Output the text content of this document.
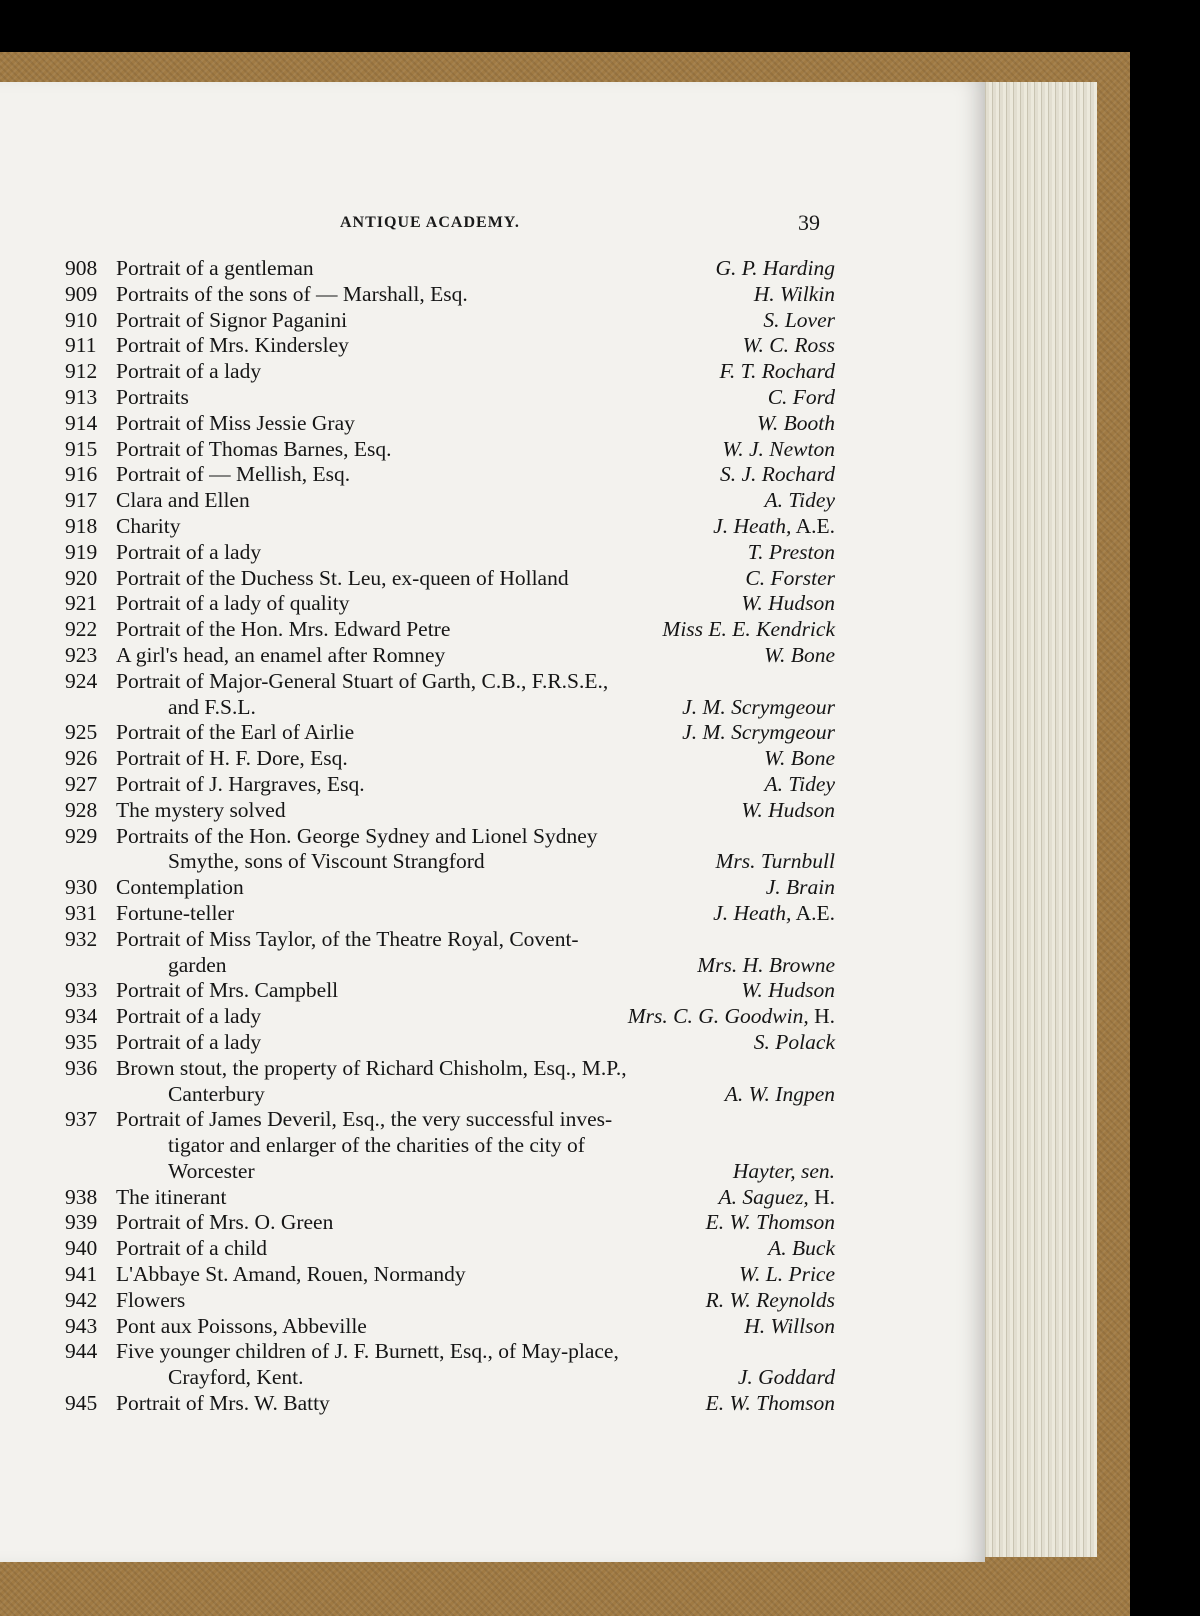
ANTIQUE ACADEMY.	39
908 Portrait of a gentleman	G. P. Harding
909 Portraits of the sons of — Marshall, Esq.	H. Wilkin
910 Portrait of Signor Paganini	S. Lover
911 Portrait of Mrs. Kindersley	W. C. Ross
912 Portrait of a lady	F. T. Rochard
913 Portraits	C. Ford
914 Portrait of Miss Jessie Gray	W. Booth
915 Portrait of Thomas Barnes, Esq.	W. J. Newton
916 Portrait of — Mellish, Esq.	S. J. Rochard
917 Clara and Ellen	A. Tidey
918 Charity	J. Heath, A.E.
919 Portrait of a lady	T. Preston
920 Portrait of the Duchess St. Leu, ex-queen of Holland	C. Forster
921 Portrait of a lady of quality	W. Hudson
922 Portrait of the Hon. Mrs. Edward Petre	Miss E. E. Kendrick
923 A girl's head, an enamel after Romney	W. Bone
924 Portrait of Major-General Stuart of Garth, C.B., F.R.S.E.,
and F.S.L.	J. M. Scrymgeour
925 Portrait of the Earl of Airlie	J. M. Scrymgeour
926 Portrait of H. F. Dore, Esq.	W. Bone
927 Portrait of J. Hargraves, Esq.	A. Tidey
928 The mystery solved	W. Hudson
929 Portraits of the Hon. George Sydney and Lionel Sydney
Smythe, sons of Viscount Strangford	Mrs. Turnbull
930 Contemplation	J. Brain
931 Fortune-teller	J. Heath, A.E.
932 Portrait of Miss Taylor, of the Theatre Royal, Covent-
garden	Mrs. H. Browne
933 Portrait of Mrs. Campbell	W. Hudson
934 Portrait of a lady	Mrs. C. G. Goodwin, H.
935 Portrait of a lady	S. Polack
936 Brown stout, the property of Richard Chisholm, Esq., M.P.,
Canterbury	A. W. Ingpen
937 Portrait of James Deveril, Esq., the very successful inves-
tigator and enlarger of the charities of the city of
Worcester	Hayter, sen.
938 The itinerant	A. Saguez, H.
939 Portrait of Mrs. O. Green	E. W. Thomson
940 Portrait of a child	A. Buck
941 L'Abbaye St. Amand, Rouen, Normandy	W. L. Price
942 Flowers	R. W. Reynolds
943 Pont aux Poissons, Abbeville	H. Willson
944 Five younger children of J. F. Burnett, Esq., of May-place,
Crayford, Kent.	J. Goddard
945 Portrait of Mrs. W. Batty	E. W. Thomson
